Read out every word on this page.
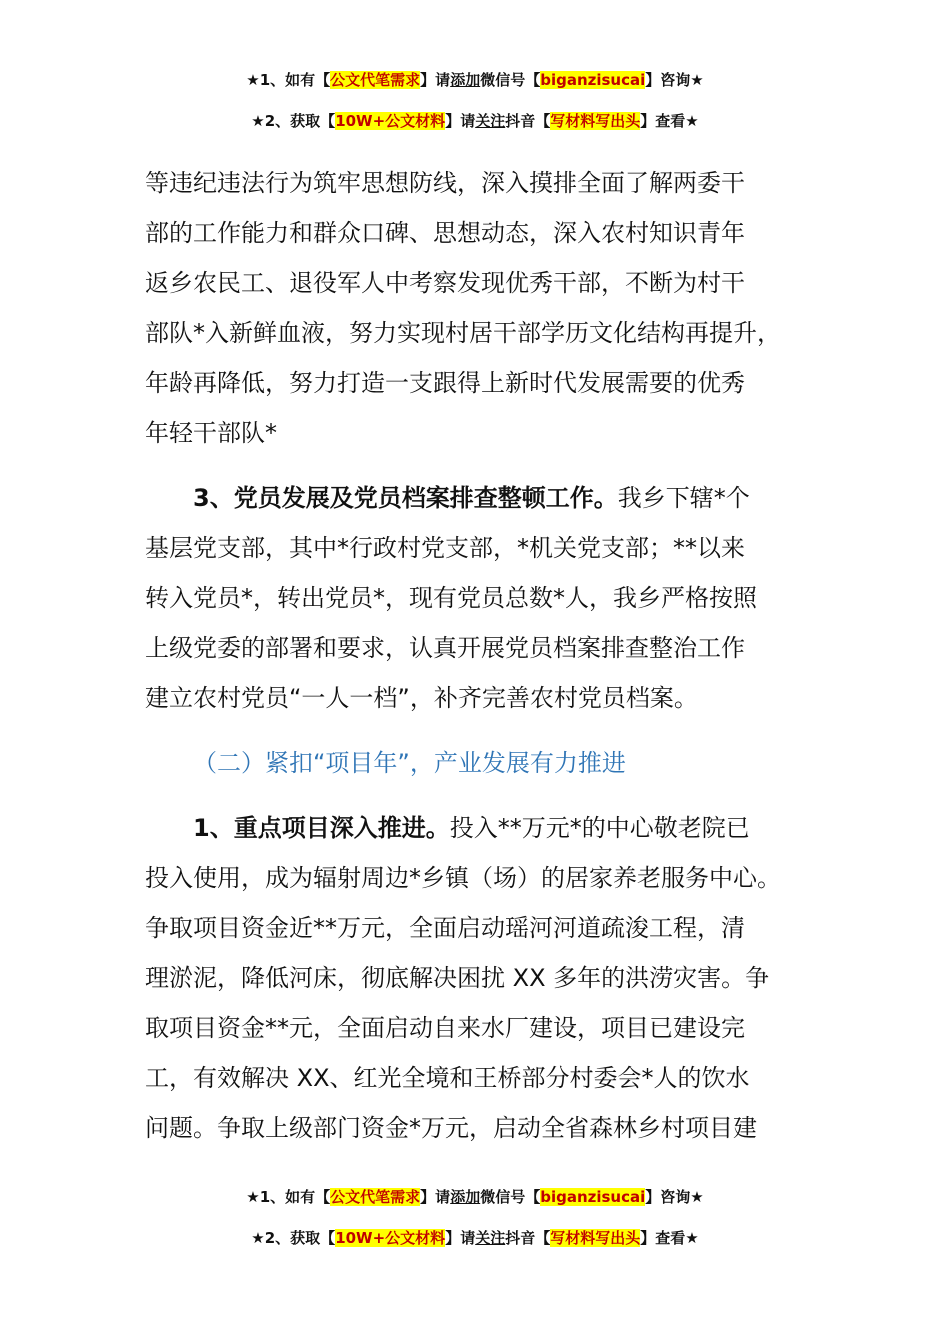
★1、如有【公文代笔需求】请添加微信号【biganzisucai】咨询★
★2、获取【10W+公文材料】请关注抖音【写材料写出头】查看★
等违纪违法行为筑牢思想防线，深入摸排全面了解两委干
部的工作能力和群众口碑、思想动态，深入农村知识青年
返乡农民工、退役军人中考察发现优秀干部，不断为村干
部队*入新鲜血液，努力实现村居干部学历文化结构再提升，
年龄再降低，努力打造一支跟得上新时代发展需要的优秀
年轻干部队*
3、党员发展及党员档案排查整顿工作。我乡下辖*个
基层党支部，其中*行政村党支部，*机关党支部；**以来
转入党员*，转出党员*，现有党员总数*人，我乡严格按照
上级党委的部署和要求，认真开展党员档案排查整治工作
建立农村党员“一人一档”，补齐完善农村党员档案。
（二）紧扣“项目年”，产业发展有力推进
1、重点项目深入推进。投入**万元*的中心敬老院已
投入使用，成为辐射周边*乡镇（场）的居家养老服务中心。
争取项目资金近**万元，全面启动瑶河河道疏浚工程，清
理淤泥，降低河床，彻底解决困扰 XX 多年的洪涝灾害。争
取项目资金**元，全面启动自来水厂建设，项目已建设完
工，有效解决 XX、红光全境和王桥部分村委会*人的饮水
问题。争取上级部门资金*万元，启动全省森林乡村项目建
★1、如有【公文代笔需求】请添加微信号【biganzisucai】咨询★
★2、获取【10W+公文材料】请关注抖音【写材料写出头】查看★
